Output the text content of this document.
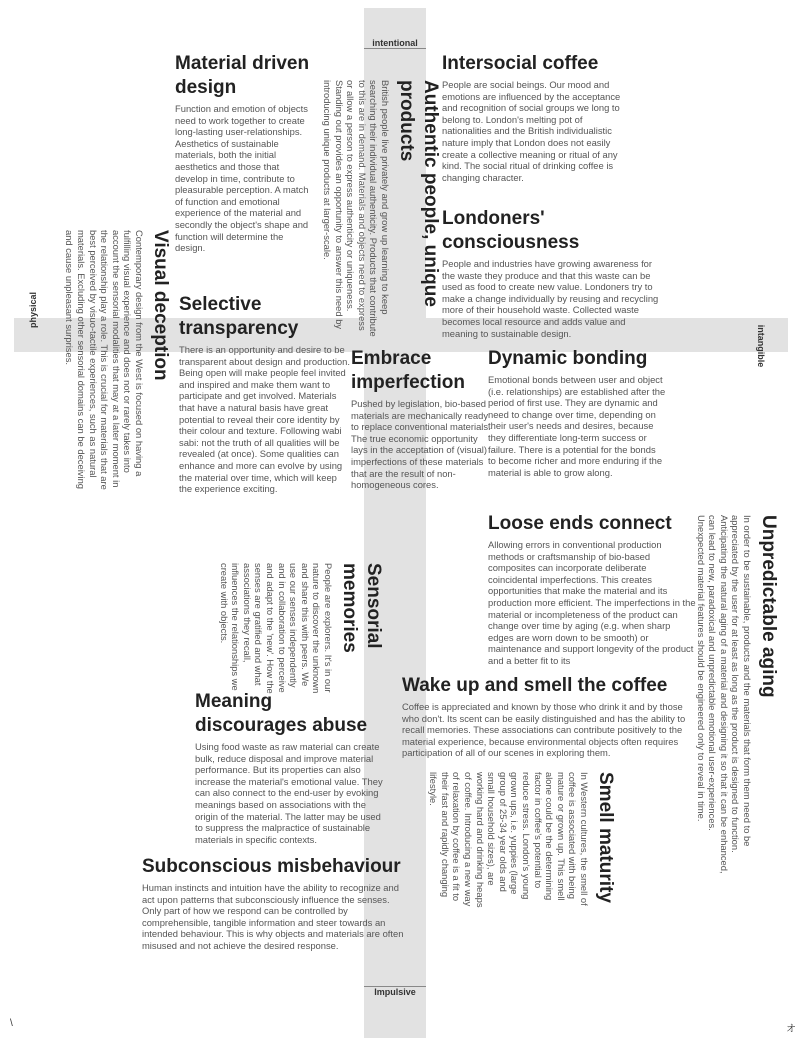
intentional
Impulsive
physical
intangible
Material driven design

Function and emotion of objects need to work together to create long-lasting user-relationships. Aesthetics of sustainable materials, both the initial aesthetics and those that develop in time, contribute to pleasurable perception. A match of function and emotional experience of the material and secondly the object's shape and function will determine the design.	Authentic people, unique products

British people live privately and grow up learning to keep searching their individual authenticity. Products that contribute to this are in demand. Materials and objects need to express or allow a person to express authenticity or uniqueness. Standing out provides an opportunity to answer this need by introducing unique products at larger-scale.

Intersocial coffee

People are social beings. Our mood and emotions are influenced by the acceptance and recognition of social groups we long to belong to. London's melting pot of nationalities and the British individualistic nature imply that London does not easily create a collective meaning or ritual of any kind. The social ritual of drinking coffee is changing character.

Londoners' consciousness

People and industries have growing awareness for the waste they produce and that this waste can be used as food to create new value. Londoners try to make a change individually by reusing and recycling more of their household waste. Collected waste becomes local resource and adds value and meaning to sustainable design.

Visual deception

Contemporary design from the West is focused on having a fulfilling visual experience and does not or rarely takes into account the sensorial modalities that may at a later moment in the relationship play a role. This is crucial for materials that are best perceived by visuo-tactile experiences, such as natural materials. Excluding other sensorial domains can be deceiving and cause unpleasant surprises.	Selective transparency

There is an opportunity and desire to be transparent about design and production. Being open will make people feel invited and inspired and make them want to participate and get involved. Materials that have a natural basis have great potential to reveal their core identity by their colour and texture. Following wabi sabi: not the truth of all qualities will be revealed (at once). Some qualities can enhance and more can evolve by using the material over time, which will keep the experience exciting.

Embrace imperfection

Pushed by legislation, bio-based materials are mechanically ready to replace conventional materials. The true economic opportunity lays in the acceptation of (visual) imperfections of these materials that are the result of non-homogeneous cores.

Dynamic bonding

Emotional bonds between user and object (i.e. relationships) are established after the period of first use. They are dynamic and need to change over time, depending on their user's needs and desires, because they differentiate long-term success or failure. There is a potential for the bonds to become richer and more enduring if the material is able to grow along.

Loose ends connect

Allowing errors in conventional production methods or craftsmanship of bio-based composites can incorporate deliberate coincidental imperfections. This creates opportunities that make the material and its production more efficient. The imperfections in the material or incompleteness of the product can change over time by aging (e.g. when sharp edges are worn down to be smooth) or maintenance and support longevity of the product and a better fit to its	Unpredictable aging

In order to be sustainable, products and the materials that form them need to be appreciated by the user for at least as long as the product is designed to function. Anticipating the natural aging of a material and designing it so that it can be enhanced, can lead to new, paradoxical and unpredictable emotional user-experiences. Unexpected material features should be engineered only to reveal in time.

Sensorial memories

People are explorers. It's in our nature to discover the unknown and share this with peers. We use our senses independently and in collaboration to perceive and adapt to the 'new'. How the senses are gratified and what associations they recall, influences the relationships we create with objects.

Wake up and smell the coffee

Coffee is appreciated and known by those who drink it and by those who don't. Its scent can be easily distinguished and has the ability to recall memories. These associations can contribute positively to the material experience, because environmental objects often requires participation of all of our scenes in exploring them.

Meaning discourages abuse

Using food waste as raw material can create bulk, reduce disposal and improve material performance. But its properties can also increase the material's emotional value. They can also connect to the end-user by evoking meanings based on associations with the origin of the material. The latter may be used to suppress the malpractice of sustainable materials in specific contexts.	Smell maturity

In Western cultures, the smell of coffee is associated with being mature or grown up. This smell alone could be the determining factor in coffee's potential to reduce stress. London's young grown ups, i.e. yuppies (large group of 25-34 year olds and small household sizes), are working hard and drinking heaps of coffee. Introducing a new way of relaxation by coffee is a fit to their fast and rapidly changing lifestyle.

Subconscious misbehaviour

Human instincts and intuition have the ability to recognize and act upon patterns that subconsciously influence the senses. Only part of how we respond can be controlled by comprehensible, tangible information and steer towards an intended behaviour. This is why objects and materials are often misused and not achieve the desired response.

\
オ
